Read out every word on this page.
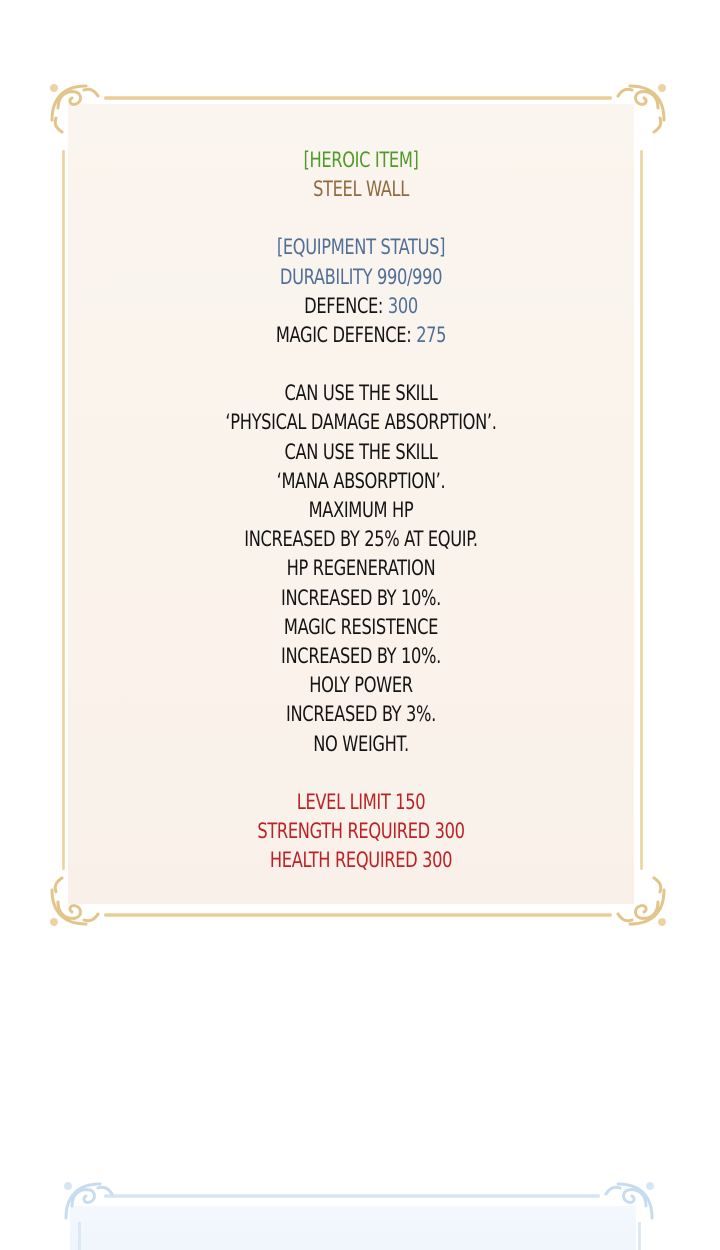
[HEROIC ITEM]
STEEL WALL
[EQUIPMENT STATUS]
DURABILITY 990/990
DEFENCE: 300
MAGIC DEFENCE: 275
CAN USE THE SKILL
‘PHYSICAL DAMAGE ABSORPTION’.
CAN USE THE SKILL
‘MANA ABSORPTION’.
MAXIMUM HP
INCREASED BY 25% AT EQUIP.
HP REGENERATION
INCREASED BY 10%.
MAGIC RESISTENCE
INCREASED BY 10%.
HOLY POWER
INCREASED BY 3%.
NO WEIGHT.
LEVEL LIMIT 150
STRENGTH REQUIRED 300
HEALTH REQUIRED 300
